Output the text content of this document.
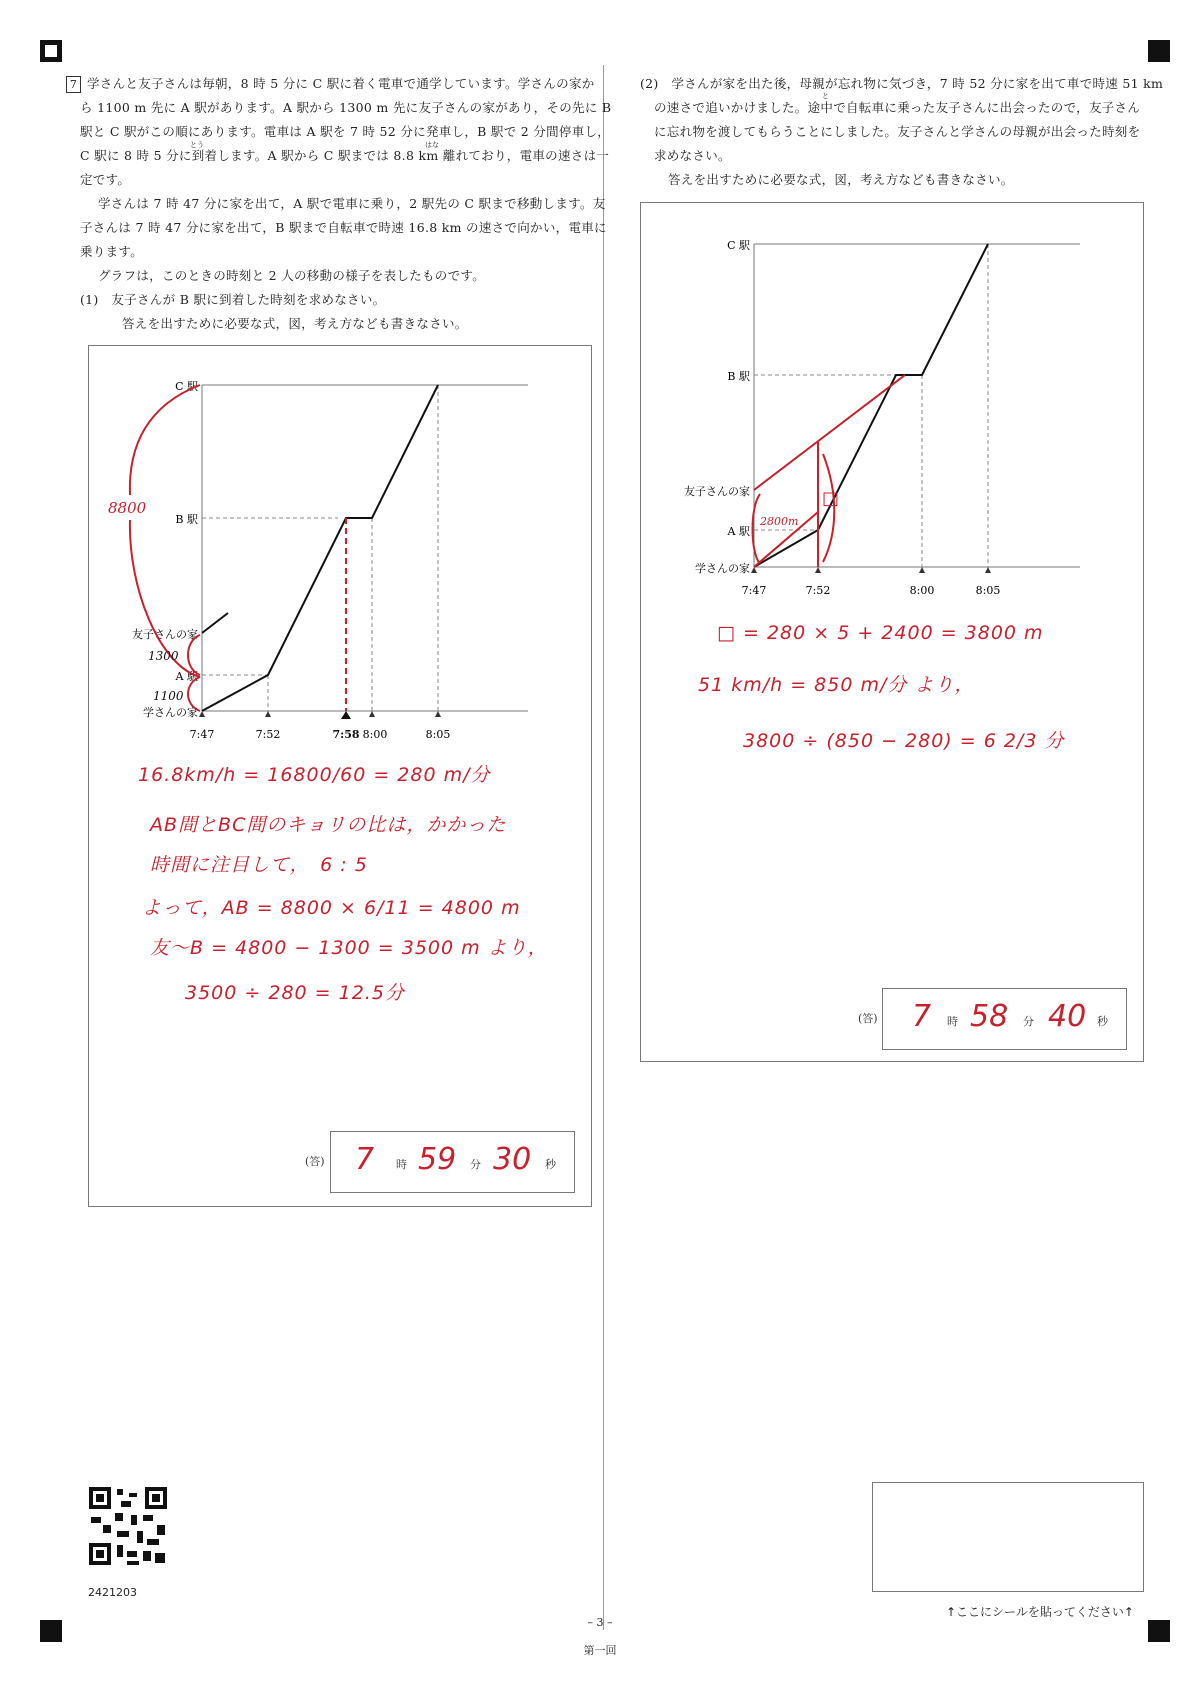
7 学さんと友子さんは毎朝，8 時 5 分に C 駅に着く電車で通学しています。学さんの家か
ら 1100 m 先に A 駅があります。A 駅から 1300 m 先に友子さんの家があり，その先に B
駅と C 駅がこの順にあります。電車は A 駅を 7 時 52 分に発車し，B 駅で 2 分間停車し，
C 駅に 8 時 5 分に到着します。A 駅から C 駅までは 8.8 km 離れており，電車の速さは一
定です。
学さんは 7 時 47 分に家を出て，A 駅で電車に乗り，2 駅先の C 駅まで移動します。友
子さんは 7 時 47 分に家を出て，B 駅まで自転車で時速 16.8 km の速さで向かい，電車に
乗ります。
グラフは，このときの時刻と 2 人の移動の様子を表したものです。
(1)　 友子さんが B 駅に到着した時刻を求めなさい。
答えを出すために必要な式，図，考え方なども書きなさい。
とう	はな
C 駅
B 駅
友子さんの家
A 駅
学さんの家
7:47	7:52	8:00	8:05
7:58
8800
1300
1100
16.8km/h = 16800/60 = 280 m/分
AB間とBC間のキョリの比は，かかった
時間に注目して，　6 : 5
よって，AB = 8800 × 6/11 = 4800 m
友～B = 4800 − 1300 = 3500 m より，
3500 ÷ 280 = 12.5分
(答) 7 時 59 分 30 秒
2421203
(2)　 学さんが家を出た後，母親が忘れ物に気づき，7 時 52 分に家を出て車で時速 51 km
の速さで追いかけました。途中で自転車に乗った友子さんに出会ったので，友子さん
に忘れ物を渡してもらうことにしました。友子さんと学さんの母親が出会った時刻を
求めなさい。
答えを出すために必要な式，図，考え方なども書きなさい。
と
□
2800m
C 駅
B 駅
友子さんの家
A 駅
学さんの家
7:47	7:52	8:00	8:05
□ = 280 × 5 + 2400 = 3800 m
51 km/h = 850 m/分 より，
3800 ÷ (850 − 280) = 6 2/3 分
(答) 7 時 58 分 40 秒
↑ここにシールを貼ってください↑
– 3 –
第一回
